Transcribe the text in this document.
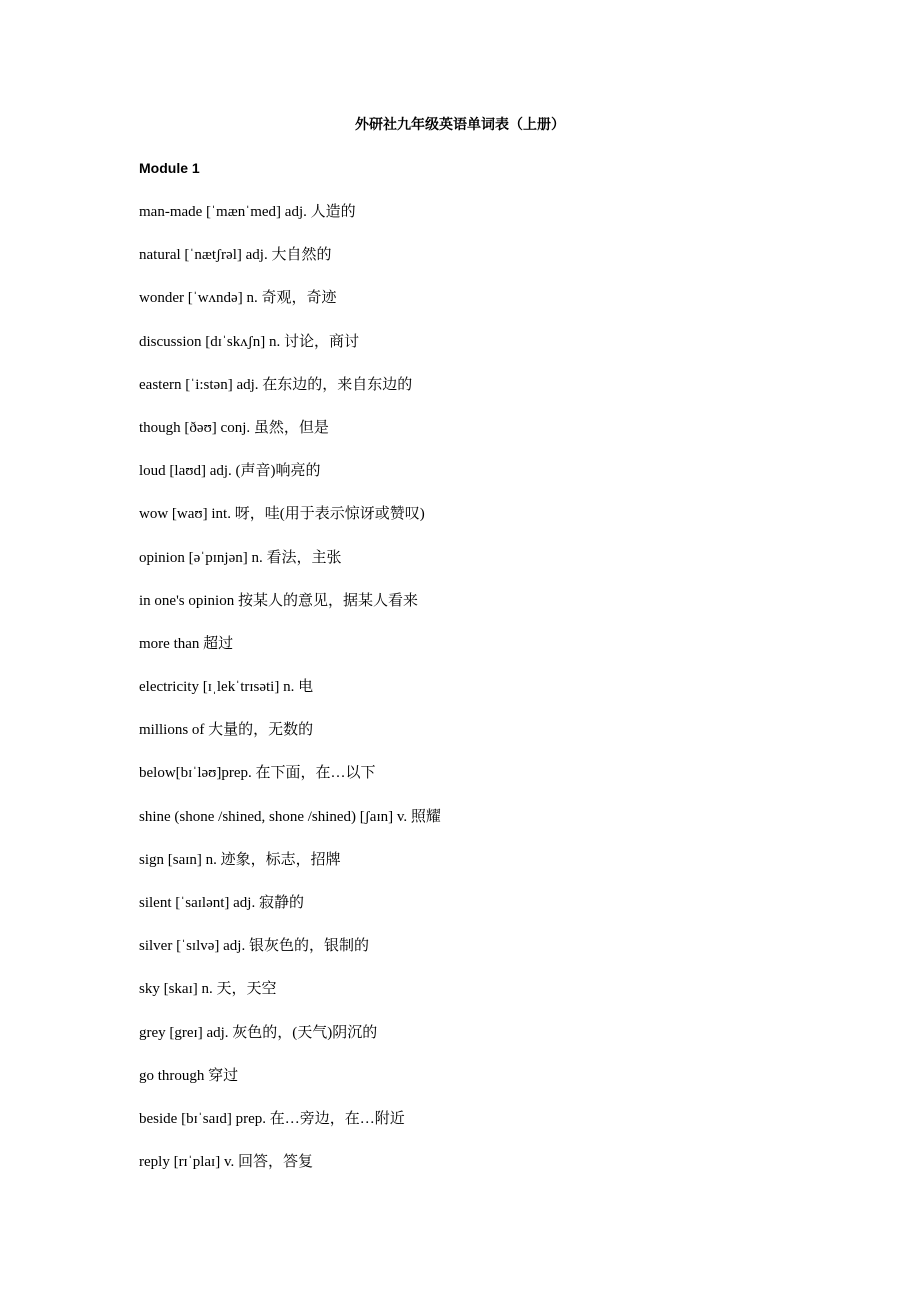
外研社九年级英语单词表（上册）
Module 1
man-made [ˈmænˈmed] adj. 人造的
natural [ˈnætʃrəl] adj. 大自然的
wonder [ˈwʌndə] n. 奇观，奇迹
discussion [dɪˈskʌʃn] n. 讨论，商讨
eastern [ˈi:stən] adj. 在东边的，来自东边的
though [ðəʊ] conj. 虽然，但是
loud [laʊd] adj. (声音)响亮的
wow [waʊ] int. 呀，哇(用于表示惊讶或赞叹)
opinion [əˈpɪnjən] n. 看法，主张
in one's opinion 按某人的意见，据某人看来
more than 超过
electricity [ɪˌlekˈtrɪsəti] n. 电
millions of 大量的，无数的
below[bɪˈləʊ]prep. 在下面，在…以下
shine (shone /shined, shone /shined) [ʃaɪn] v. 照耀
sign [saɪn] n. 迹象，标志，招牌
silent [ˈsaɪlənt] adj. 寂静的
silver [ˈsɪlvə] adj. 银灰色的，银制的
sky [skaɪ] n. 天，天空
grey [greɪ] adj. 灰色的，(天气)阴沉的
go through 穿过
beside [bɪˈsaɪd] prep. 在…旁边，在…附近
reply [rɪˈplaɪ] v. 回答，答复
